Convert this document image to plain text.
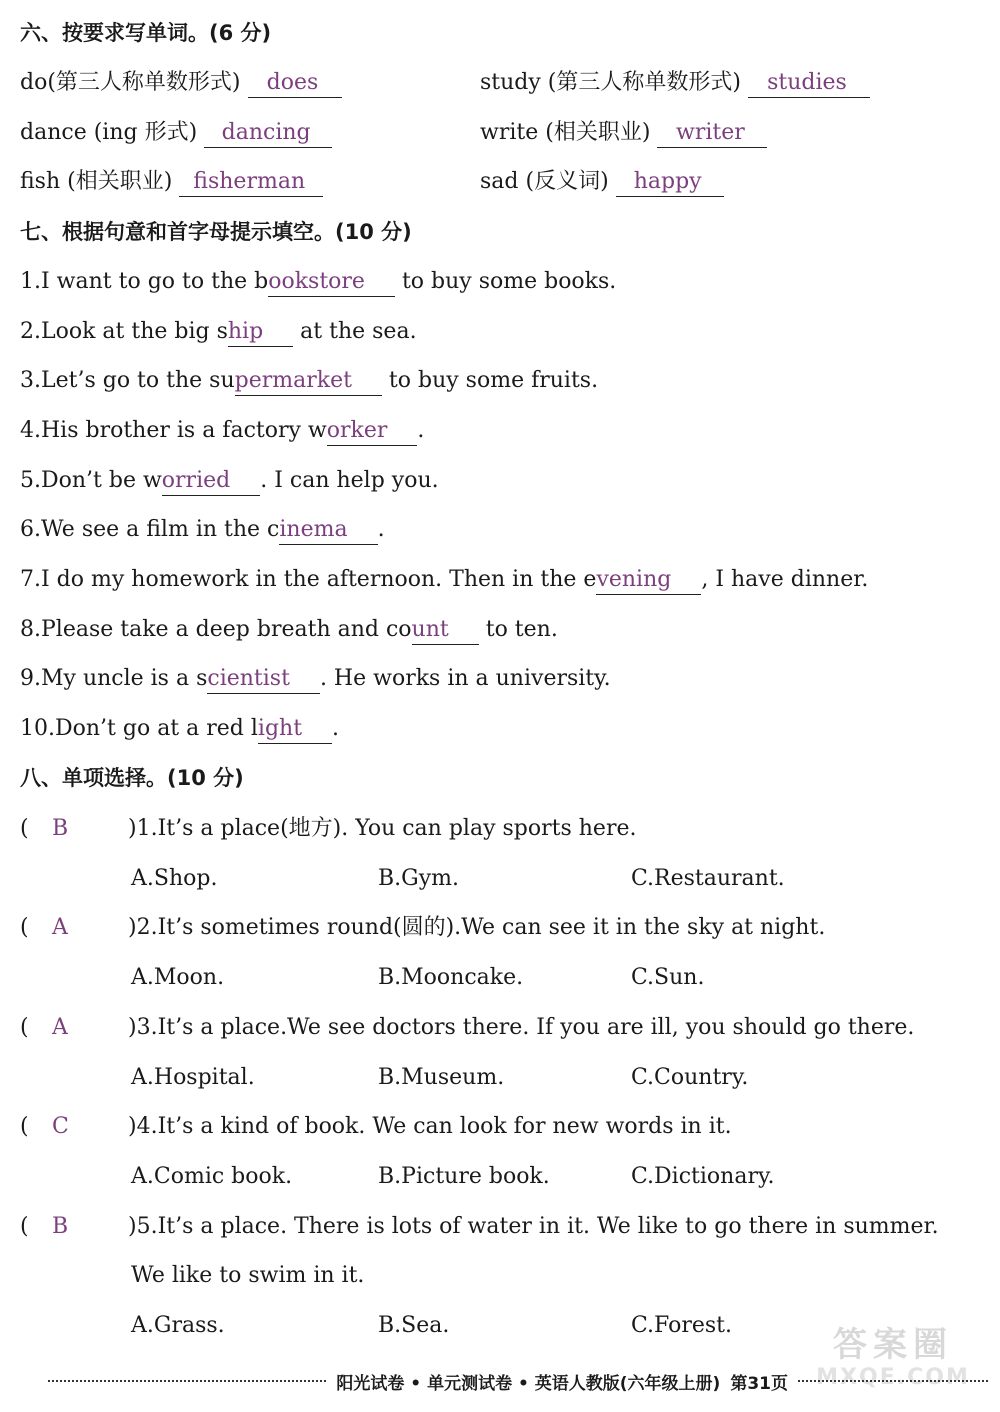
六、按要求写单词。(6 分)
do(第三人称单数形式) does	study (第三人称单数形式) studies
dance (ing 形式) dancing	write (相关职业) writer
fish (相关职业) fisherman	sad (反义词) happy
七、根据句意和首字母提示填空。(10 分)
1.I want to go to the bookstore to buy some books.
2.Look at the big ship at the sea.
3.Let’s go to the supermarket to buy some fruits.
4.His brother is a factory worker .
5.Don’t be worried . I can help you.
6.We see a film in the cinema .
7.I do my homework in the afternoon. Then in the evening , I have dinner.
8.Please take a deep breath and count to ten.
9.My uncle is a scientist . He works in a university.
10.Don’t go at a red light .
八、单项选择。(10 分)
( B	)1.It’s a place(地方). You can play sports here.
A.Shop.	B.Gym.	C.Restaurant.
( A	)2.It’s sometimes round(圆的).We can see it in the sky at night.
A.Moon.	B.Mooncake.	C.Sun.
( A	)3.It’s a place.We see doctors there. If you are ill, you should go there.
A.Hospital.	B.Museum.	C.Country.
( C	)4.It’s a kind of book. We can look for new words in it.
A.Comic book.	B.Picture book.	C.Dictionary.
( B	)5.It’s a place. There is lots of water in it. We like to go there in summer.
We like to swim in it.
A.Grass.	B.Sea.	C.Forest.	答案圈
MXQE.COM
阳光试卷 • 单元测试卷 • 英语人教版(六年级上册) 第31页
